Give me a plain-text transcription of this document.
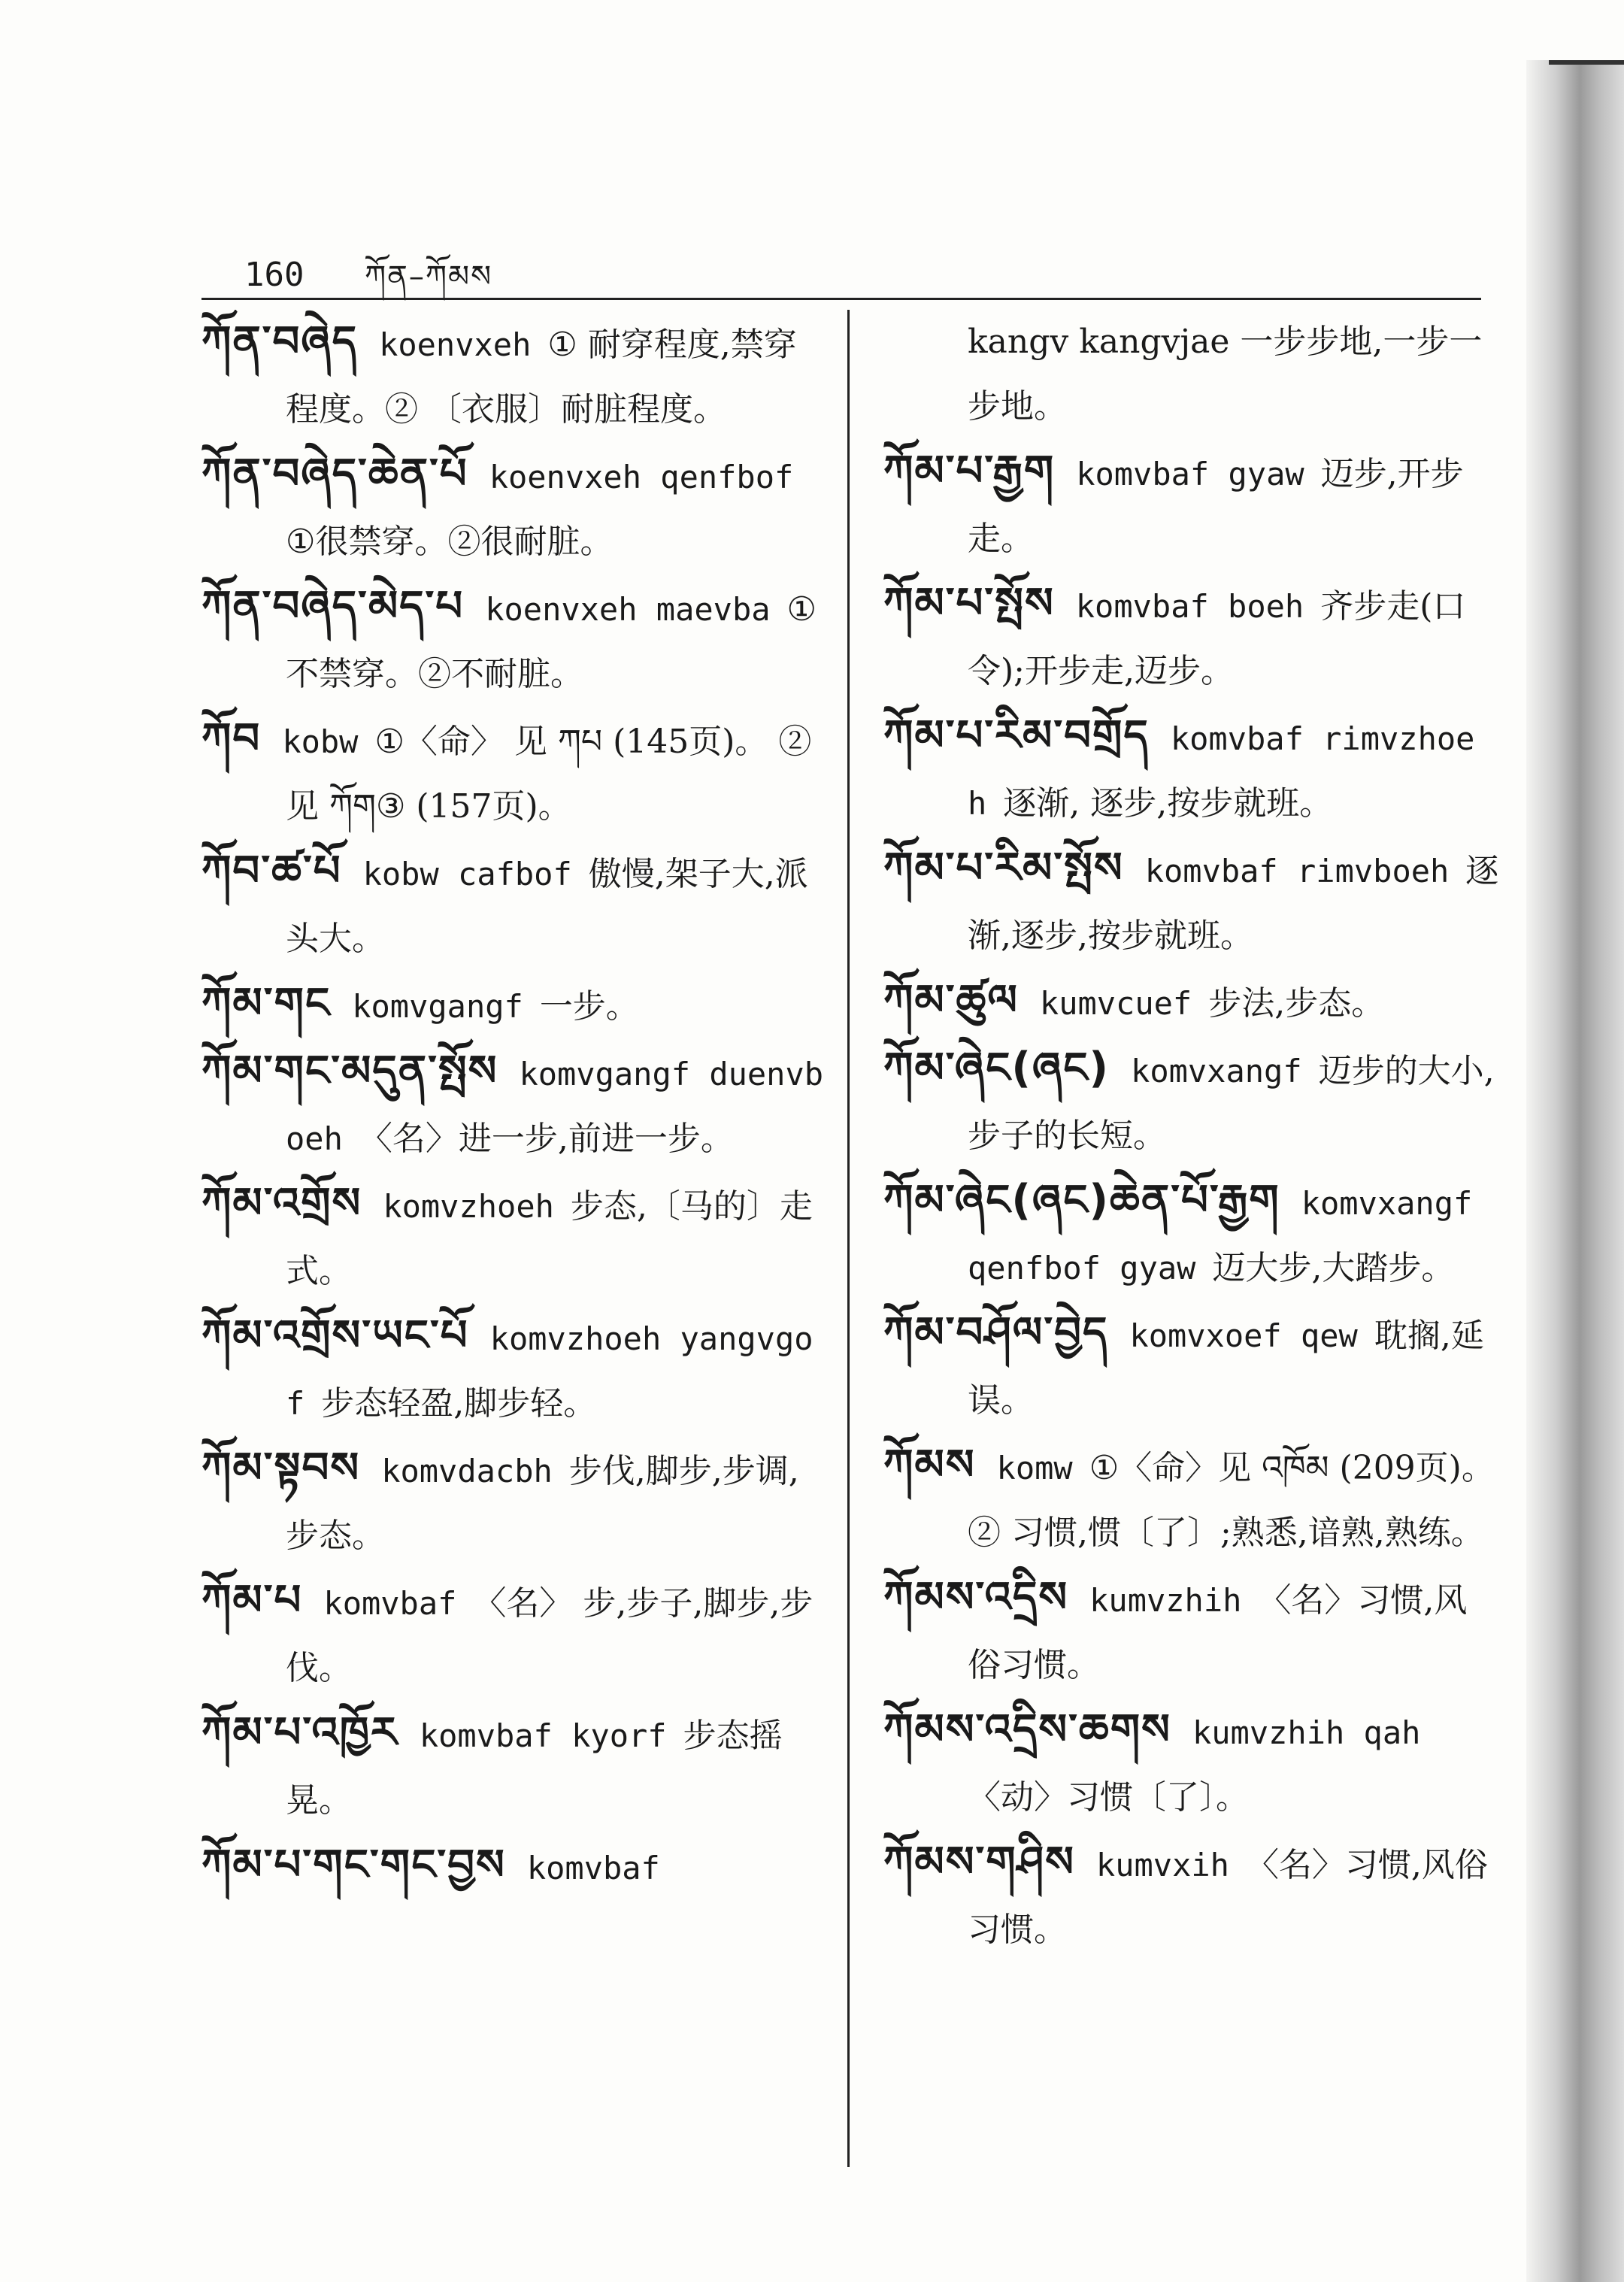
160 ཀོན–ཀོམས

ཀོན་བཞེད koenvxeh ① 耐穿程度,禁穿程度。② 〔衣服〕耐脏程度。

ཀོན་བཞེད་ཆེན་པོ koenvxeh qenfbof①很禁穿。②很耐脏。

ཀོན་བཞེད་མེད་པ koenvxeh maevba ①不禁穿。②不耐脏。

ཀོབ kobw ①〈命〉 见 ཀཔ (145页)。 ② 见 ཀོག③ (157页)。

ཀོབ་ཚ་པོ kobw cafbof 傲慢,架子大,派头大。

ཀོམ་གང komvgangf 一步。

ཀོམ་གང་མདུན་སྤོས komvgangf duenvboeh 〈名〉进一步,前进一步。

ཀོམ་འགྲོས komvzhoeh 步态,〔马的〕走式。

ཀོམ་འགྲོས་ཡང་པོ komvzhoeh yangvgof 步态轻盈,脚步轻。

ཀོམ་སྟབས komvdacbh 步伐,脚步,步调,步态。

ཀོམ་པ komvbaf 〈名〉 步,步子,脚步,步伐。

ཀོམ་པ་འཁྱོར komvbaf kyorf 步态摇晃。

ཀོམ་པ་གང་གང་བྱས komvbaf

kangv kangvjae 一步步地,一步一步地。

ཀོམ་པ་རྒྱག komvbaf gyaw 迈步,开步走。

ཀོམ་པ་སྤོས komvbaf boeh 齐步走(口令);开步走,迈步。

ཀོམ་པ་རིམ་བགྲོད komvbaf rimvzhoeh 逐渐, 逐步,按步就班。

ཀོམ་པ་རིམ་སྤོས komvbaf rimvboeh 逐渐,逐步,按步就班。

ཀོམ་ཚུལ kumvcuef 步法,步态。

ཀོམ་ཞེང(ཞང) komvxangf 迈步的大小,步子的长短。

ཀོམ་ཞེང(ཞང)ཆེན་པོ་རྒྱག komvxangf qenfbof gyaw 迈大步,大踏步。

ཀོམ་བཤོལ་བྱེད komvxoef qew 耽搁,延误。

ཀོམས komw ①〈命〉见 འཁོམ (209页)。 ② 习惯,惯〔了〕;熟悉,谙熟,熟练。

ཀོམས་འདྲིས kumvzhih 〈名〉习惯,风俗习惯。

ཀོམས་འདྲིས་ཆགས kumvzhih qah〈动〉习惯〔了〕。

ཀོམས་གཤིས kumvxih 〈名〉习惯,风俗习惯。
